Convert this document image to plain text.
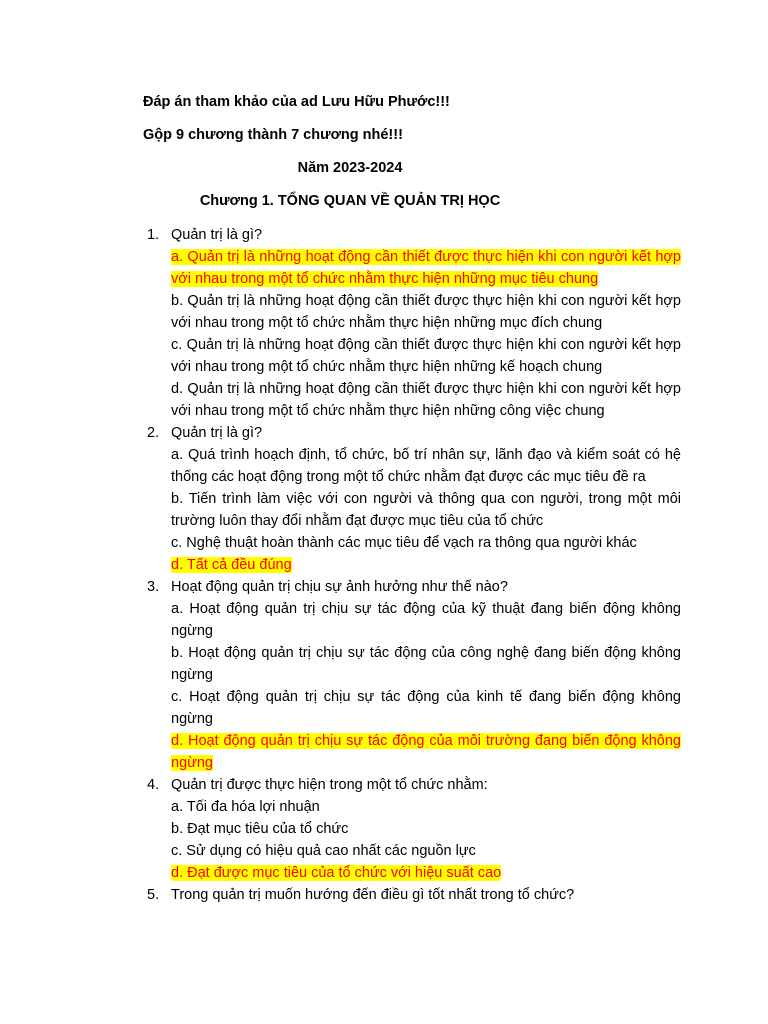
Đáp án tham khảo của ad Lưu Hữu Phước!!!
Gộp 9 chương thành 7 chương nhé!!!
Năm 2023-2024
Chương 1. TỔNG QUAN VỀ QUẢN TRỊ HỌC
1. Quản trị là gì?
a. Quản trị là những hoạt động cần thiết được thực hiện khi con người kết hợp với nhau trong một tổ chức nhằm thực hiện những mục tiêu chung
b. Quản trị là những hoạt động cần thiết được thực hiện khi con người kết hợp với nhau trong một tổ chức nhằm thực hiện những mục đích chung
c. Quản trị là những hoạt động cần thiết được thực hiện khi con người kết hợp với nhau trong một tổ chức nhằm thực hiện những kế hoạch chung
d. Quản trị là những hoạt động cần thiết được thực hiện khi con người kết hợp với nhau trong một tổ chức nhằm thực hiện những công việc chung
2. Quản trị là gì?
a. Quá trình hoạch định, tổ chức, bố trí nhân sự, lãnh đạo và kiểm soát có hệ thống các hoạt động trong một tổ chức nhằm đạt được các mục tiêu đề ra
b. Tiến trình làm việc với con người và thông qua con người, trong một môi trường luôn thay đổi nhằm đạt được mục tiêu của tổ chức
c. Nghệ thuật hoàn thành các mục tiêu để vạch ra thông qua người khác
d. Tất cả đều đúng
3. Hoạt động quản trị chịu sự ảnh hưởng như thế nào?
a. Hoạt động quản trị chịu sự tác động của kỹ thuật đang biến động không ngừng
b. Hoạt động quản trị chịu sự tác động của công nghệ đang biến động không ngừng
c. Hoạt động quản trị chịu sự tác động của kinh tế đang biến động không ngừng
d. Hoạt động quản trị chịu sự tác động của môi trường đang biến động không ngừng
4. Quản trị được thực hiện trong một tổ chức nhằm:
a. Tối đa hóa lợi nhuận
b. Đạt mục tiêu của tổ chức
c. Sử dụng có hiệu quả cao nhất các nguồn lực
d. Đạt được mục tiêu của tổ chức với hiệu suất cao
5. Trong quản trị muốn hướng đến điều gì tốt nhất trong tổ chức?
